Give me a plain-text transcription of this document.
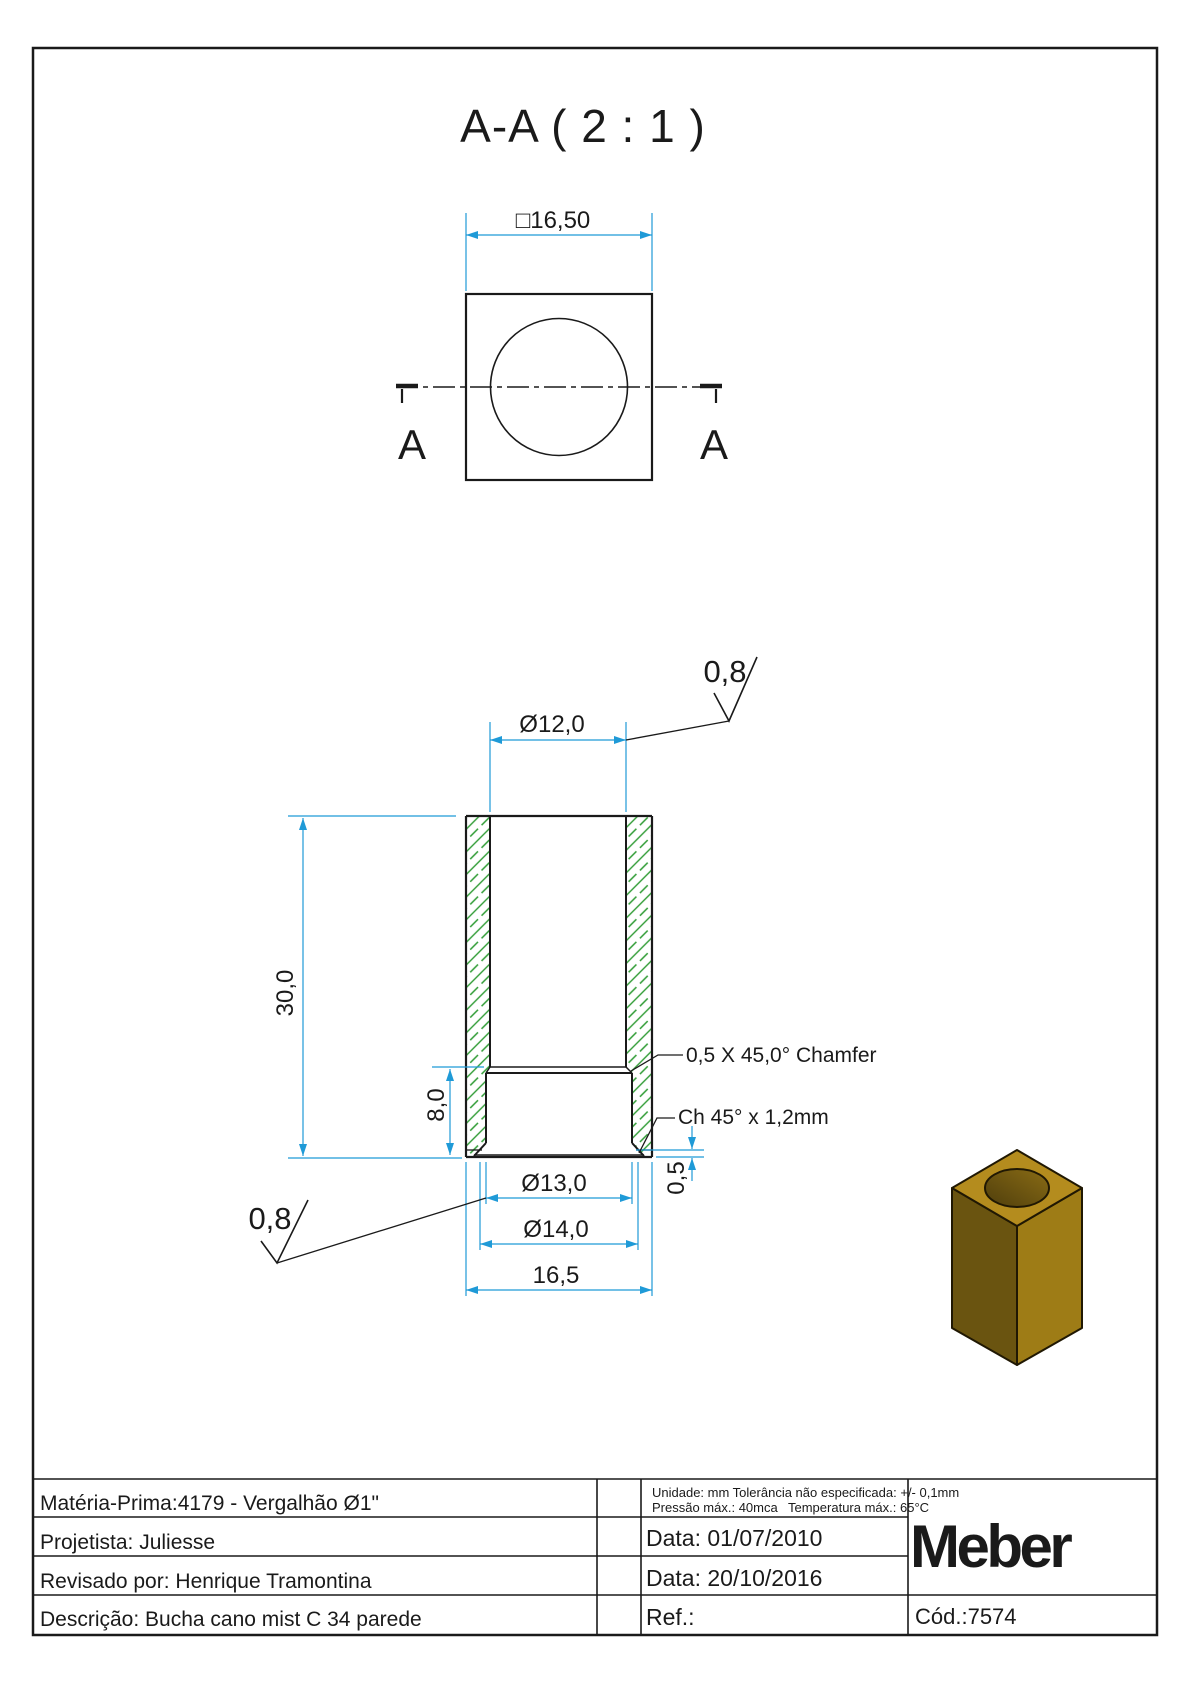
A-A ( 2 : 1 )
□16,50
A	A
Ø12,0
0,8
30,0
8,0
0,5
0,5 X 45,0° Chamfer
Ch 45° x 1,2mm
Ø13,0
Ø14,0
16,5
0,8
Matéria-Prima:4179 - Vergalhão Ø1"
Projetista: Juliesse
Revisado por: Henrique Tramontina
Descrição: Bucha cano mist C 34 parede
Unidade: mm Tolerância não especificada: +/- 0,1mm
Pressão máx.: 40mca Temperatura máx.: 65°C
Data: 01/07/2010
Data: 20/10/2016
Ref.:
Meber
Cód.:7574
